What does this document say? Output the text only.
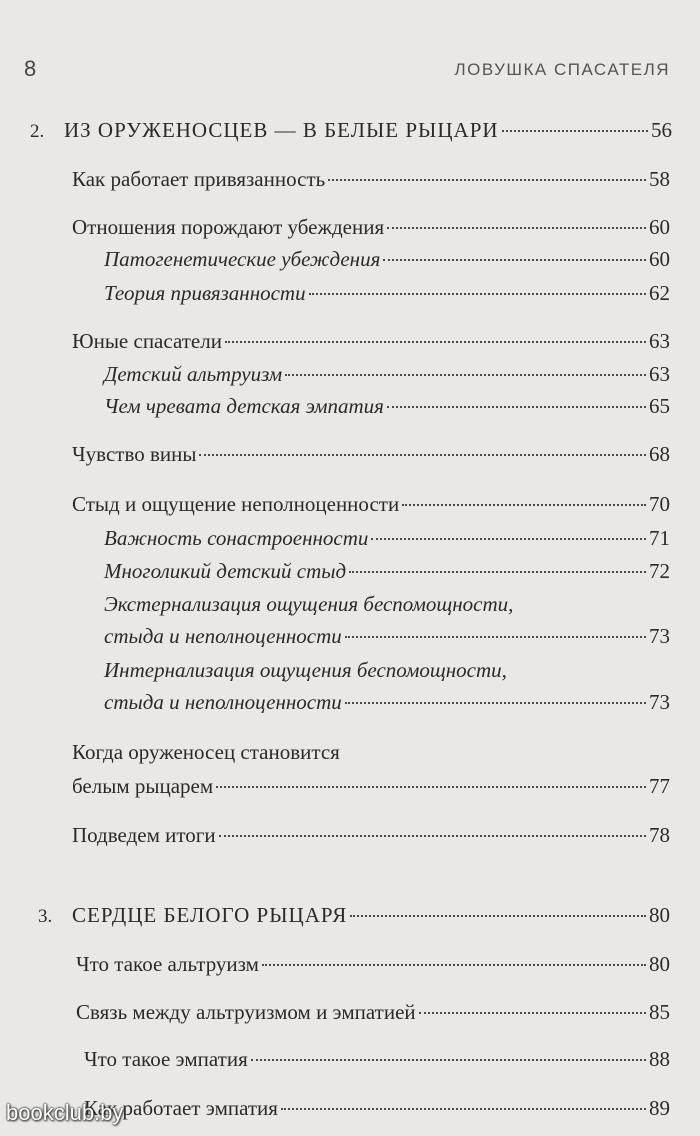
8	ЛОВУШКА СПАСАТЕЛЯ
2. ИЗ ОРУЖЕНОСЦЕВ — В БЕЛЫЕ РЫЦАРИ	56
Как работает привязанность	58
Отношения порождают убеждения	60
Патогенетические убеждения	60
Теория привязанности	62
Юные спасатели	63
Детский альтруизм	63
Чем чревата детская эмпатия	65
Чувство вины	68
Стыд и ощущение неполноценности	70
Важность сонастроенности	71
Многоликий детский стыд	72
Экстернализация ощущения беспомощности,
стыда и неполноценности	73
Интернализация ощущения беспомощности,
стыда и неполноценности	73
Когда оруженосец становится
белым рыцарем	77
Подведем итоги	78
3. СЕРДЦЕ БЕЛОГО РЫЦАРЯ	80
Что такое альтруизм	80
Связь между альтруизмом и эмпатией	85
Что такое эмпатия	88
Как работает эмпатия	89
bookclub.by
